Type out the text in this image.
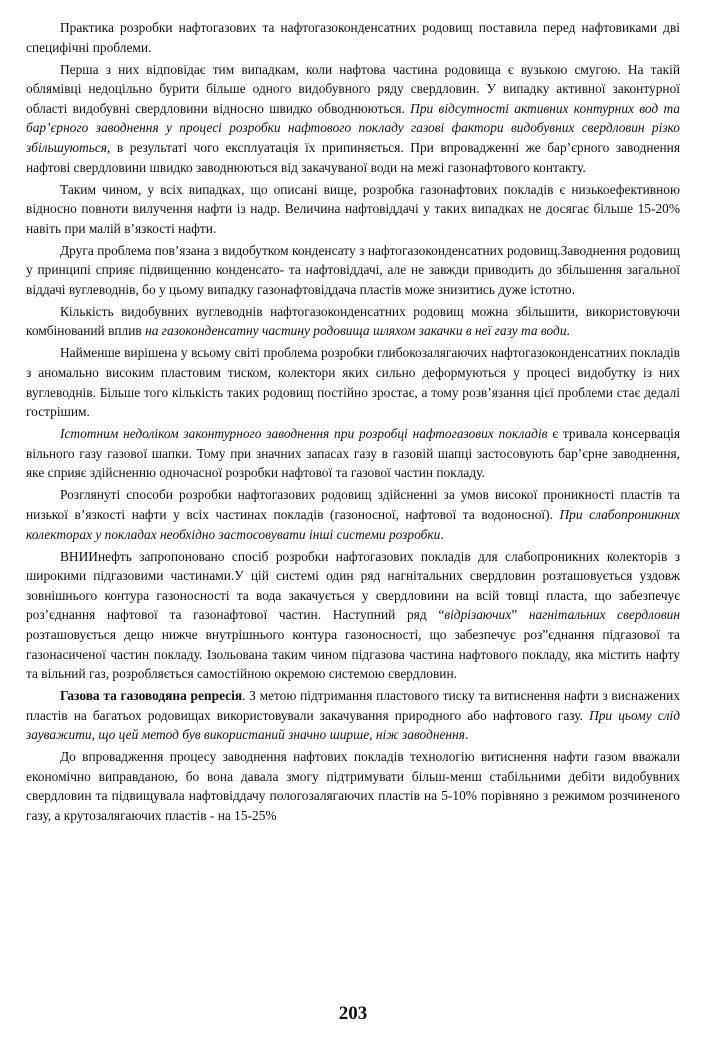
Практика розробки нафтогазових та нафтогазоконденсатних родовищ поставила перед нафтовиками дві специфічні проблеми.

Перша з них відповідає тим випадкам, коли нафтова частина родовища є вузькою смугою. На такій облямівці недоцільно бурити більше одного видобувного ряду свердловин. У випадку активної законтурної області видобувні свердловини відносно швидко обводнюються. При відсутності активних контурних вод та бар’єрного заводнення у процесі розробки нафтового покладу газові фактори видобувних свердловин різко збільшуються, в результаті чого експлуатація їх припиняється. При впровадженні же бар’єрного заводнення нафтові свердловини швидко заводнюються від закачуваної води на межі газонафтового контакту.

Таким чином, у всіх випадках, що описані вище, розробка газонафтових покладів є низькоефективною відносно повноти вилучення нафти із надр. Величина нафтовіддачі у таких випадках не досягає більше 15-20% навіть при малій в’язкості нафти.

Друга проблема пов’язана з видобутком конденсату з нафтогазоконденсатних родовищ.Заводнення родовищ у принципі сприяє підвищенню конденсато- та нафтовіддачі, але не завжди приводить до збільшення загальної віддачі вуглеводнів, бо у цьому випадку газонафтовіддача пластів може знизитись дуже істотно.

Кількість видобувних вуглеводнів нафтогазоконденсатних родовищ можна збільшити, використовуючи комбінований вплив на газоконденсатну частину родовища шляхом закачки в неї газу та води.

Найменше вирішена у всьому світі проблема розробки глибокозалягаючих нафтогазоконденсатних покладів з аномально високим пластовим тиском, колектори яких сильно деформуються у процесі видобутку із них вуглеводнів. Більше того кількість таких родовищ постійно зростає, а тому розв’язання цієї проблеми стає дедалі гострішим.

Істотним недоліком законтурного заводнення при розробці нафтогазових покладів є тривала консервація вільного газу газової шапки. Тому при значних запасах газу в газовій шапці застосовують бар’єрне заводнення, яке сприяє здійсненню одночасної розробки нафтової та газової частин покладу.

Розглянуті способи розробки нафтогазових родовищ здійсненні за умов високої проникності пластів та низької в’язкості нафти у всіх частинах покладів (газоносної, нафтової та водоносної). При слабопроникних колекторах у покладах необхідно застосовувати інші системи розробки.

ВНИИнефть запропоновано спосіб розробки нафтогазових покладів для слабопроникних колекторів з широкими підгазовими частинами.У цій системі один ряд нагнітальних свердловин розташовується уздовж зовнішнього контура газоносності та вода закачується у свердловини на всій товщі пласта, що забезпечує роз’єднання нафтової та газонафтової частин. Наступний ряд “відрізаючих” нагнітальних свердловин розташовується дещо нижче внутрішнього контура газоносності, що забезпечує роз”єднання підгазової та газонасиченої частин покладу. Ізольована таким чином підгазова частина нафтового покладу, яка містить нафту та вільний газ, розробляється самостійною окремою системою свердловин.

Газова та газоводяна репресія. З метою підтримання пластового тиску та витиснення нафти з виснажених пластів на багатьох родовищах використовували закачування природного або нафтового газу. При цьому слід зауважити, що цей метод був використаний значно ширше, ніж заводнення.

До впровадження процесу заводнення нафтових покладів технологію витиснення нафти газом вважали економічно виправданою, бо вона давала змогу підтримувати більш-менш стабільними дебіти видобувних свердловин та підвищувала нафтовіддачу пологозалягаючих пластів на 5-10% порівняно з режимом розчиненого газу, а крутозалягаючих пластів - на 15-25%

203
